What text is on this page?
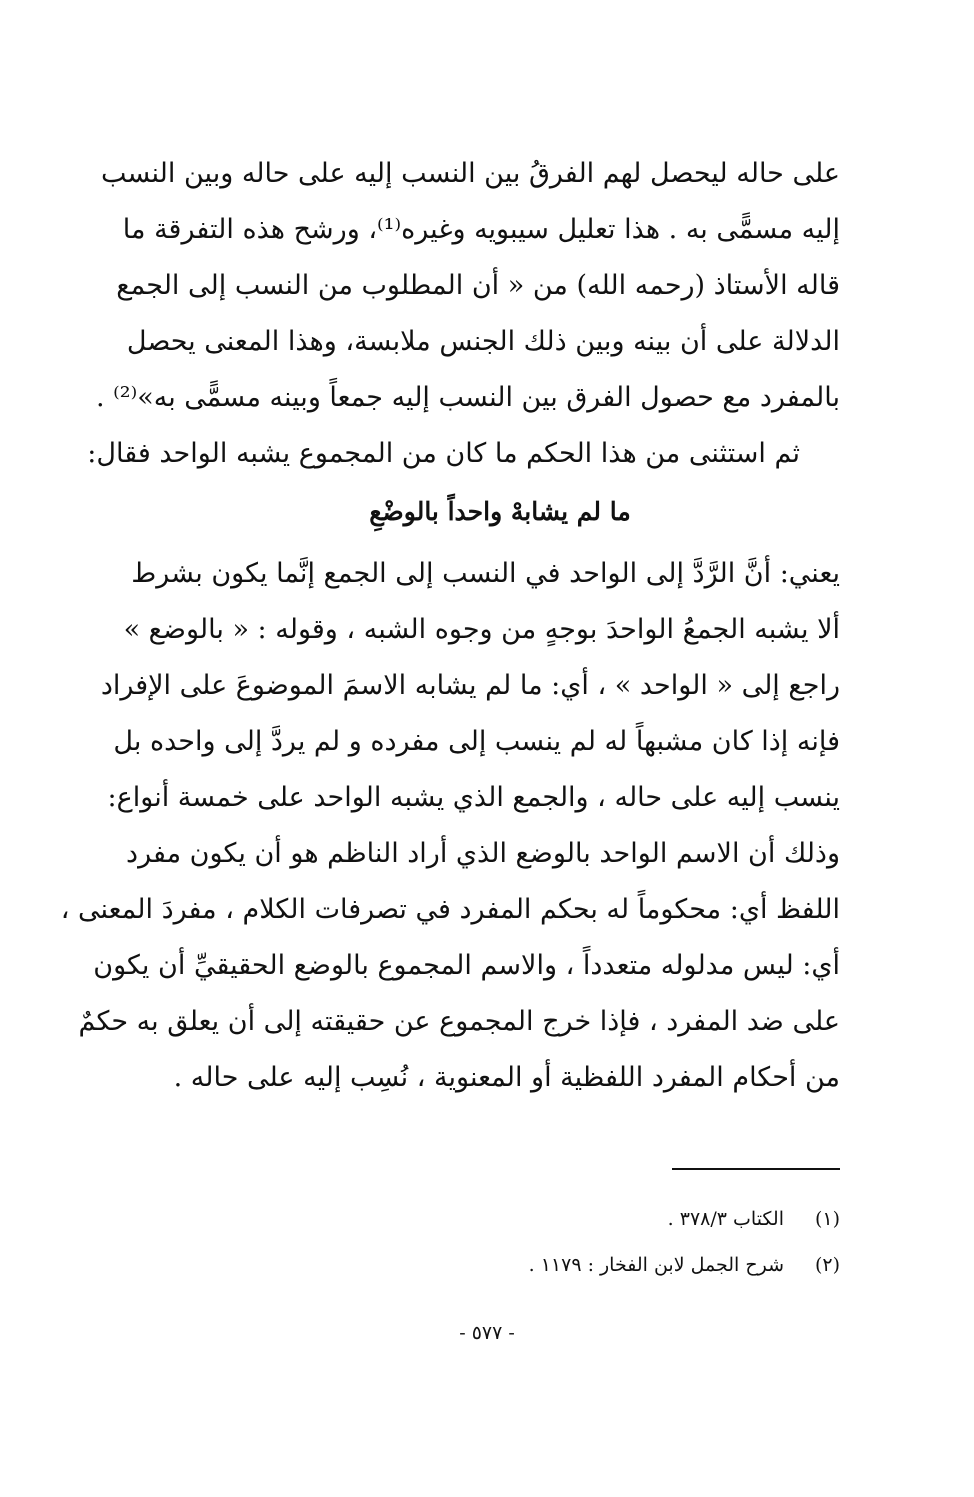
على حاله ليحصل لهم الفرقُ بين النسب إليه على حاله وبين النسب
إليه مسمًّى به . هذا تعليل سيبويه وغيره⁽¹⁾، ورشح هذه التفرقة ما
قاله الأستاذ (رحمه الله) من « أن المطلوب من النسب إلى الجمع
الدلالة على أن بينه وبين ذلك الجنس ملابسة، وهذا المعنى يحصل
بالمفرد مع حصول الفرق بين النسب إليه جمعاً وبينه مسمًّى به»⁽²⁾ .
ثم استثنى من هذا الحكم ما كان من المجموع يشبه الواحد فقال:
ما لم يشابهْ واحداً بالوضْعِ
يعني: أنَّ الرَّدَّ إلى الواحد في النسب إلى الجمع إنَّما يكون بشرط
ألا يشبه الجمعُ الواحدَ بوجهٍ من وجوه الشبه ، وقوله : « بالوضع »
راجع إلى « الواحد » ، أي: ما لم يشابه الاسمَ الموضوعَ على الإفراد
فإنه إذا كان مشبهاً له لم ينسب إلى مفرده و لم يردَّ إلى واحده بل
ينسب إليه على حاله ، والجمع الذي يشبه الواحد على خمسة أنواع:
وذلك أن الاسم الواحد بالوضع الذي أراد الناظم هو أن يكون مفرد
اللفظ أي: محكوماً له بحكم المفرد في تصرفات الكلام ، مفردَ المعنى ،
أي: ليس مدلوله متعدداً ، والاسم المجموع بالوضع الحقيقيِّ أن يكون
على ضد المفرد ، فإذا خرج المجموع عن حقيقته إلى أن يعلق به حكمٌ
من أحكام المفرد اللفظية أو المعنوية ، نُسِب إليه على حاله .
(١)
الكتاب ٣٧٨/٣ .
(٢)
شرح الجمل لابن الفخار : ١١٧٩ .
- ٥٧٧ -
